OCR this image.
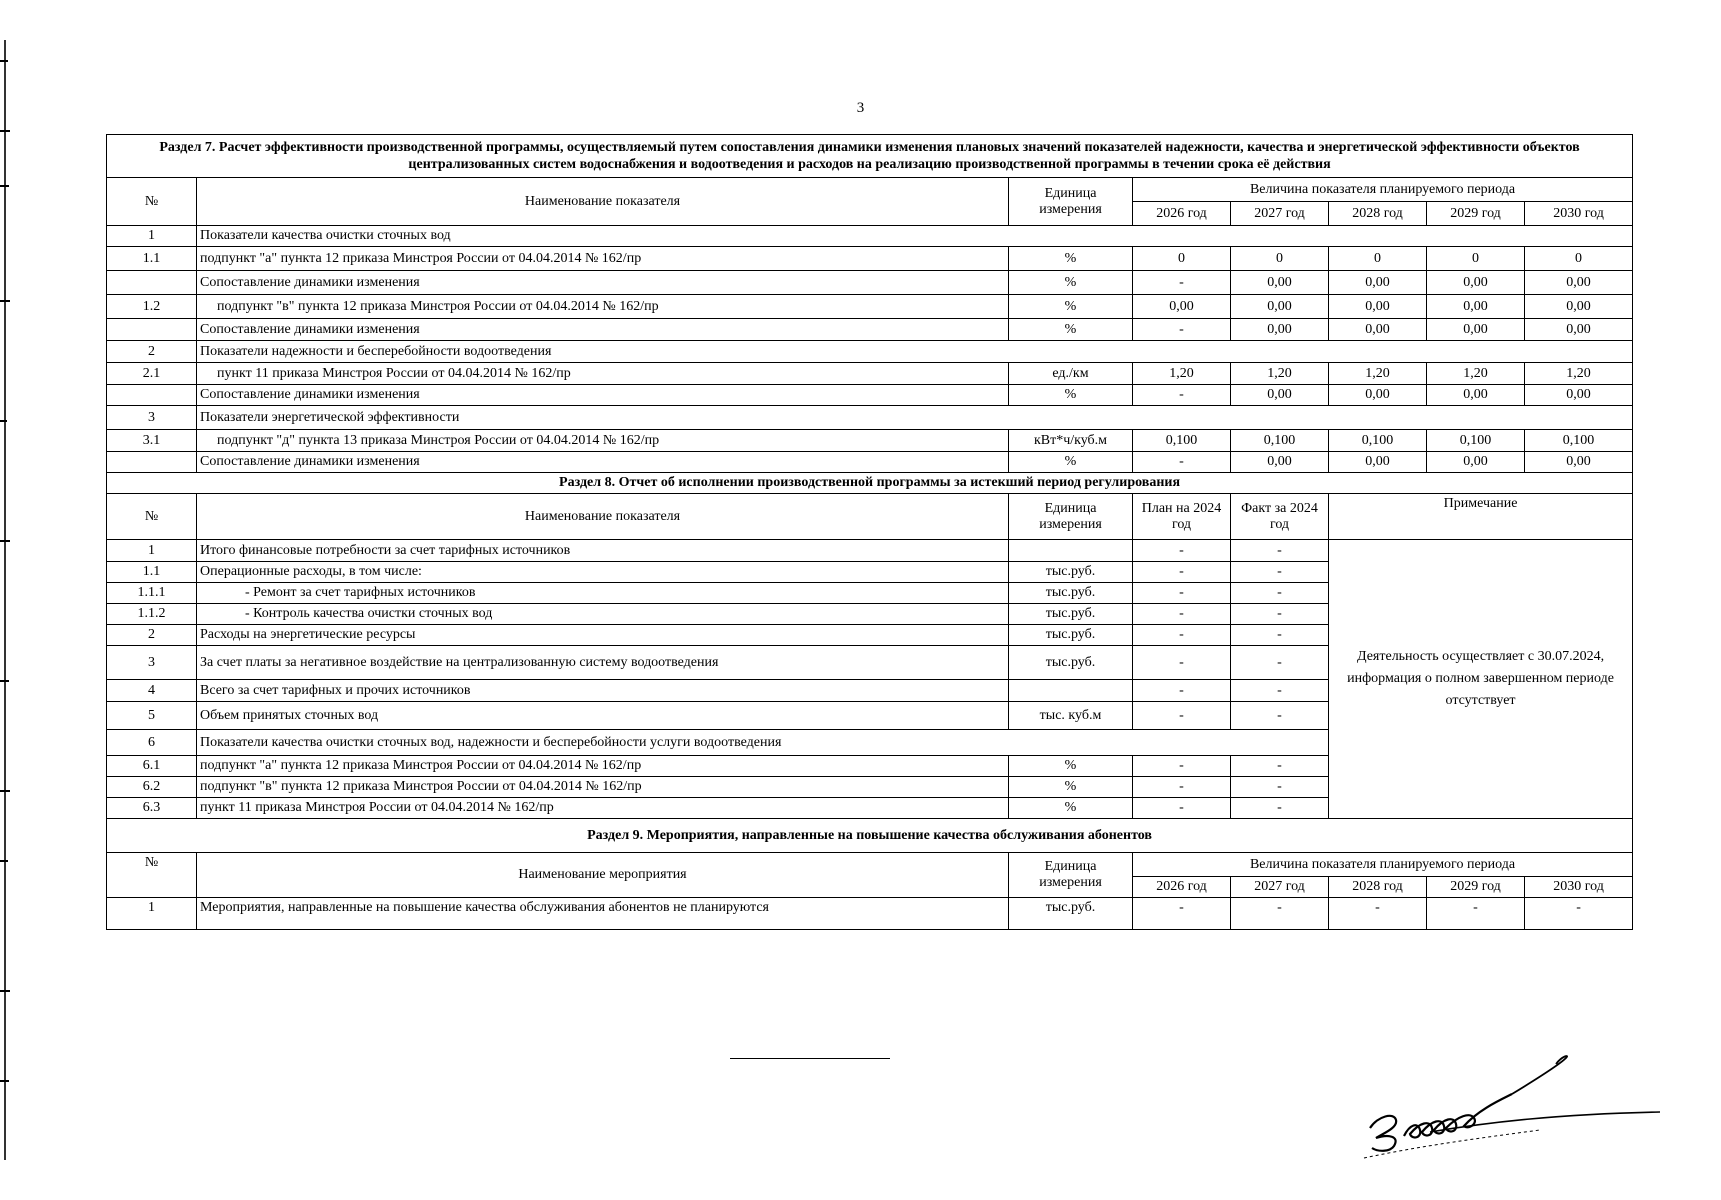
3
Раздел 7. Расчет эффективности производственной программы, осуществляемый путем сопоставления динамики изменения плановых значений показателей надежности, качества и энергетической эффективности объектов централизованных систем водоснабжения и водоотведения и расходов на реализацию производственной программы в течении срока её действия							
№	Наименование показателя	Единица измерения	Величина показателя планируемого периода				
			2026 год	2027 год	2028 год	2029 год	2030 год
1	Показатели качества очистки сточных вод						
1.1	подпункт "а" пункта 12 приказа Минстроя России от 04.04.2014 № 162/пр	%	0	0	0	0	0
	Сопоставление динамики изменения	%	-	0,00	0,00	0,00	0,00
1.2	подпункт "в" пункта 12 приказа Минстроя России от 04.04.2014 № 162/пр	%	0,00	0,00	0,00	0,00	0,00
	Сопоставление динамики изменения	%	-	0,00	0,00	0,00	0,00
2	Показатели надежности и бесперебойности водоотведения						
2.1	пункт 11 приказа Минстроя России от 04.04.2014 № 162/пр	ед./км	1,20	1,20	1,20	1,20	1,20
	Сопоставление динамики изменения	%	-	0,00	0,00	0,00	0,00
3	Показатели энергетической эффективности						
3.1	подпункт "д" пункта 13 приказа Минстроя России от 04.04.2014 № 162/пр	кВт*ч/куб.м	0,100	0,100	0,100	0,100	0,100
	Сопоставление динамики изменения	%	-	0,00	0,00	0,00	0,00
Раздел 8. Отчет об исполнении производственной программы за истекший период регулирования							
№	Наименование показателя	Единица измерения	План на 2024 год	Факт за 2024 год	Примечание		
1	Итого финансовые потребности за счет тарифных источников		-	-	Деятельность осуществляет с 30.07.2024, информация о полном завершенном периоде отсутствует		
1.1	Операционные расходы, в том числе:	тыс.руб.	-	-			
1.1.1	- Ремонт за счет тарифных источников	тыс.руб.	-	-			
1.1.2	- Контроль качества очистки сточных вод	тыс.руб.	-	-			
2	Расходы на энергетические ресурсы	тыс.руб.	-	-			
3	За счет платы за негативное воздействие на централизованную систему водоотведения	тыс.руб.	-	-			
4	Всего за счет тарифных и прочих источников		-	-			
5	Объем принятых сточных вод	тыс. куб.м	-	-			
6	Показатели качества очистки сточных вод, надежности и бесперебойности услуги водоотведения						
6.1	подпункт "а" пункта 12 приказа Минстроя России от 04.04.2014 № 162/пр	%	-	-			
6.2	подпункт "в" пункта 12 приказа Минстроя России от 04.04.2014 № 162/пр	%	-	-			
6.3	пункт 11 приказа Минстроя России от 04.04.2014 № 162/пр	%	-	-			
Раздел 9. Мероприятия, направленные на повышение качества обслуживания абонентов							
№	Наименование мероприятия	Единица измерения	Величина показателя планируемого периода				
			2026 год	2027 год	2028 год	2029 год	2030 год
1	Мероприятия, направленные на повышение качества обслуживания абонентов не планируются	тыс.руб.	-	-	-	-	-
